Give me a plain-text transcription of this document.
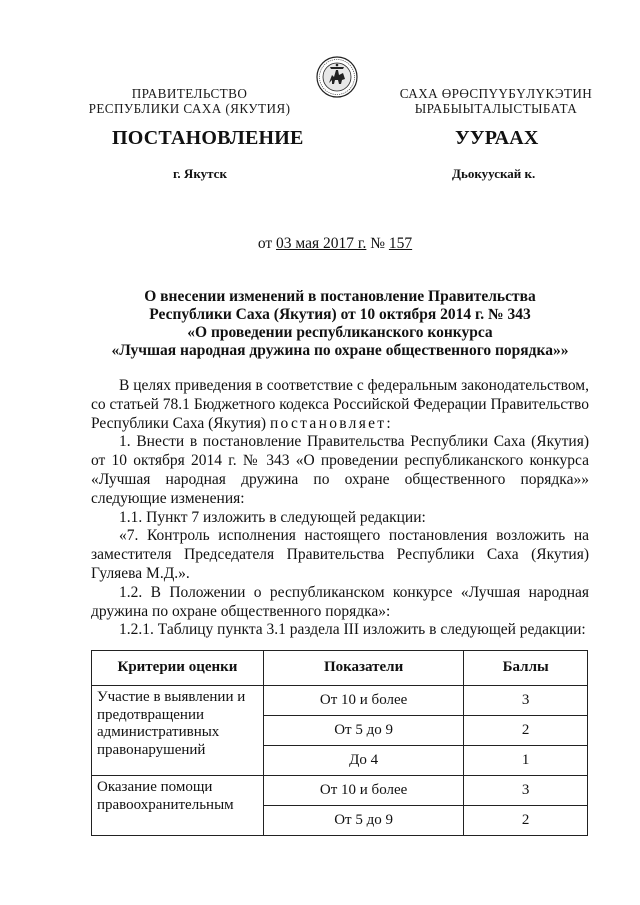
ПРАВИТЕЛЬСТВО
РЕСПУБЛИКИ САХА (ЯКУТИЯ)
САХА ӨРӨСПҮҮБҮЛҮКЭТИН
ЫРАБЫЫТАЛЫСТЫБАТА
ПОСТАНОВЛЕНИЕ	УУРААХ
г. Якутск	Дьокуускай к.
от 03 мая 2017 г. № 157
О внесении изменений в постановление Правительства
Республики Саха (Якутия) от 10 октября 2014 г. № 343
«О проведении республиканского конкурса
«Лучшая народная дружина по охране общественного порядка»»

В целях приведения в соответствие с федеральным законодательством, со статьей 78.1 Бюджетного кодекса Российской Федерации Правительство Республики Саха (Якутия) постановляет:

1. Внести в постановление Правительства Республики Саха (Якутия) от 10 октября 2014 г. № 343 «О проведении республиканского конкурса «Лучшая народная дружина по охране общественного порядка»» следующие изменения:

1.1. Пункт 7 изложить в следующей редакции:

«7. Контроль исполнения настоящего постановления возложить на заместителя Председателя Правительства Республики Саха (Якутия) Гуляева М.Д.».

1.2. В Положении о республиканском конкурсе «Лучшая народная дружина по охране общественного порядка»:

1.2.1. Таблицу пункта 3.1 раздела III изложить в следующей редакции:

Критерии оценки	Показатели	Баллы

Участие в выявлении и
предотвращении
административных
правонарушений	От 10 и более	3
	От 5 до 9	2
	До 4	1

Оказание помощи
правоохранительным	От 10 и более	3
	От 5 до 9	2
